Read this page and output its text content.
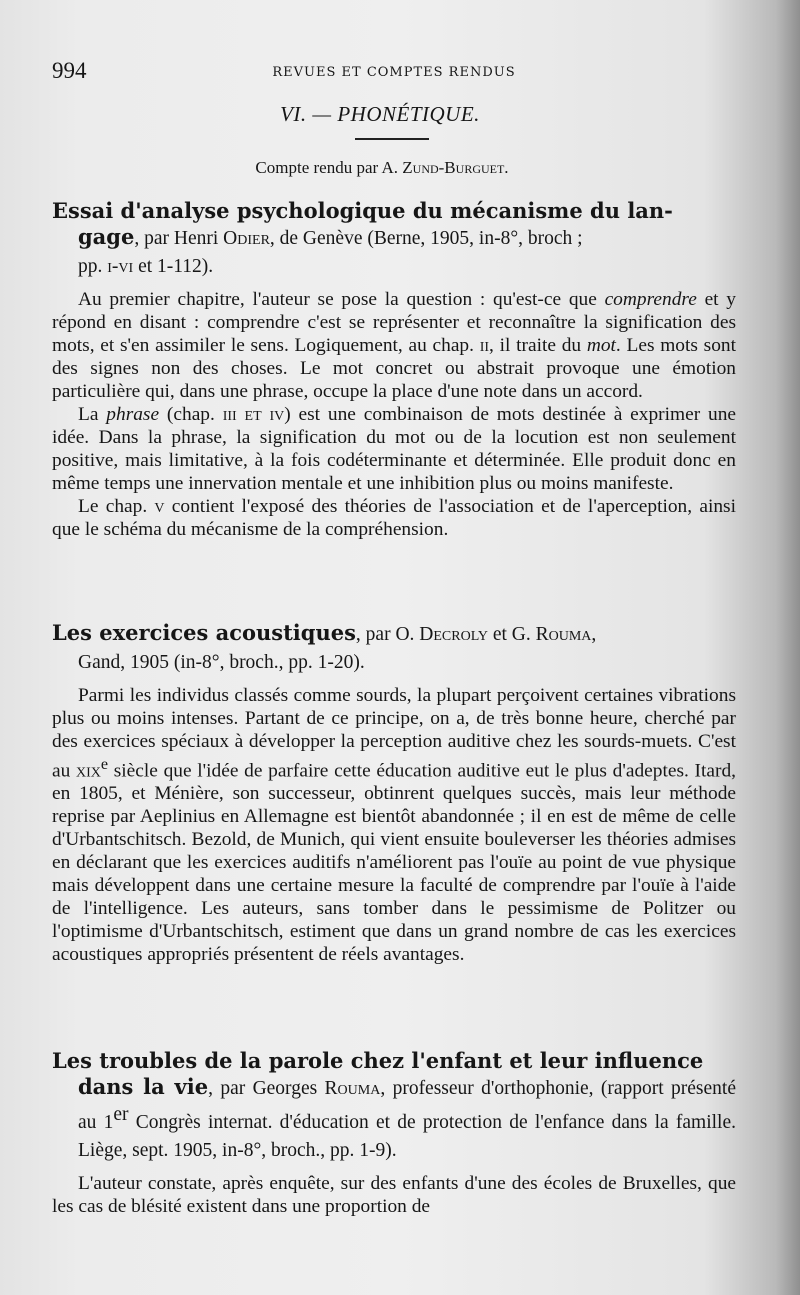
994	REVUES ET COMPTES RENDUS
VI. — PHONÉTIQUE.
Compte rendu par A. Zund-Burguet.
Essai d'analyse psychologique du mécanisme du lan-
gage, par Henri Odier, de Genève (Berne, 1905, in-8°, broch ;
pp. i-vi et 1-112).

Au premier chapitre, l'auteur se pose la question : qu'est-ce que comprendre et y répond en disant : comprendre c'est se représenter et reconnaître la signification des mots, et s'en assimiler le sens. Logiquement, au chap. ii, il traite du mot. Les mots sont des signes non des choses. Le mot concret ou abstrait provoque une émotion particulière qui, dans une phrase, occupe la place d'une note dans un accord.

La phrase (chap. iii et iv) est une combinaison de mots destinée à exprimer une idée. Dans la phrase, la signification du mot ou de la locution est non seulement positive, mais limitative, à la fois codéterminante et déterminée. Elle produit donc en même temps une innervation mentale et une inhibition plus ou moins manifeste.

Le chap. v contient l'exposé des théories de l'association et de l'aperception, ainsi que le schéma du mécanisme de la compréhension.

Les exercices acoustiques, par O. Decroly et G. Rouma,
Gand, 1905 (in-8°, broch., pp. 1-20).

Parmi les individus classés comme sourds, la plupart perçoivent certaines vibrations plus ou moins intenses. Partant de ce principe, on a, de très bonne heure, cherché par des exercices spéciaux à développer la perception auditive chez les sourds-muets. C'est au xix$^e$ siècle que l'idée de parfaire cette éducation auditive eut le plus d'adeptes. Itard, en 1805, et Ménière, son successeur, obtinrent quelques succès, mais leur méthode reprise par Aeplinius en Allemagne est bientôt abandonnée ; il en est de même de celle d'Urbantschitsch. Bezold, de Munich, qui vient ensuite bouleverser les théories admises en déclarant que les exercices auditifs n'améliorent pas l'ouïe au point de vue physique mais développent dans une certaine mesure la faculté de comprendre par l'ouïe à l'aide de l'intelligence. Les auteurs, sans tomber dans le pessimisme de Politzer ou l'optimisme d'Urbantschitsch, estiment que dans un grand nombre de cas les exercices acoustiques appropriés présentent de réels avantages.

Les troubles de la parole chez l'enfant et leur influence

dans la vie, par Georges Rouma, professeur d'orthophonie, (rapport présenté au 1er Congrès internat. d'éducation et de protection de l'enfance dans la famille. Liège, sept. 1905, in-8°, broch., pp. 1-9).

L'auteur constate, après enquête, sur des enfants d'une des écoles de Bruxelles, que les cas de blésité existent dans une proportion de
